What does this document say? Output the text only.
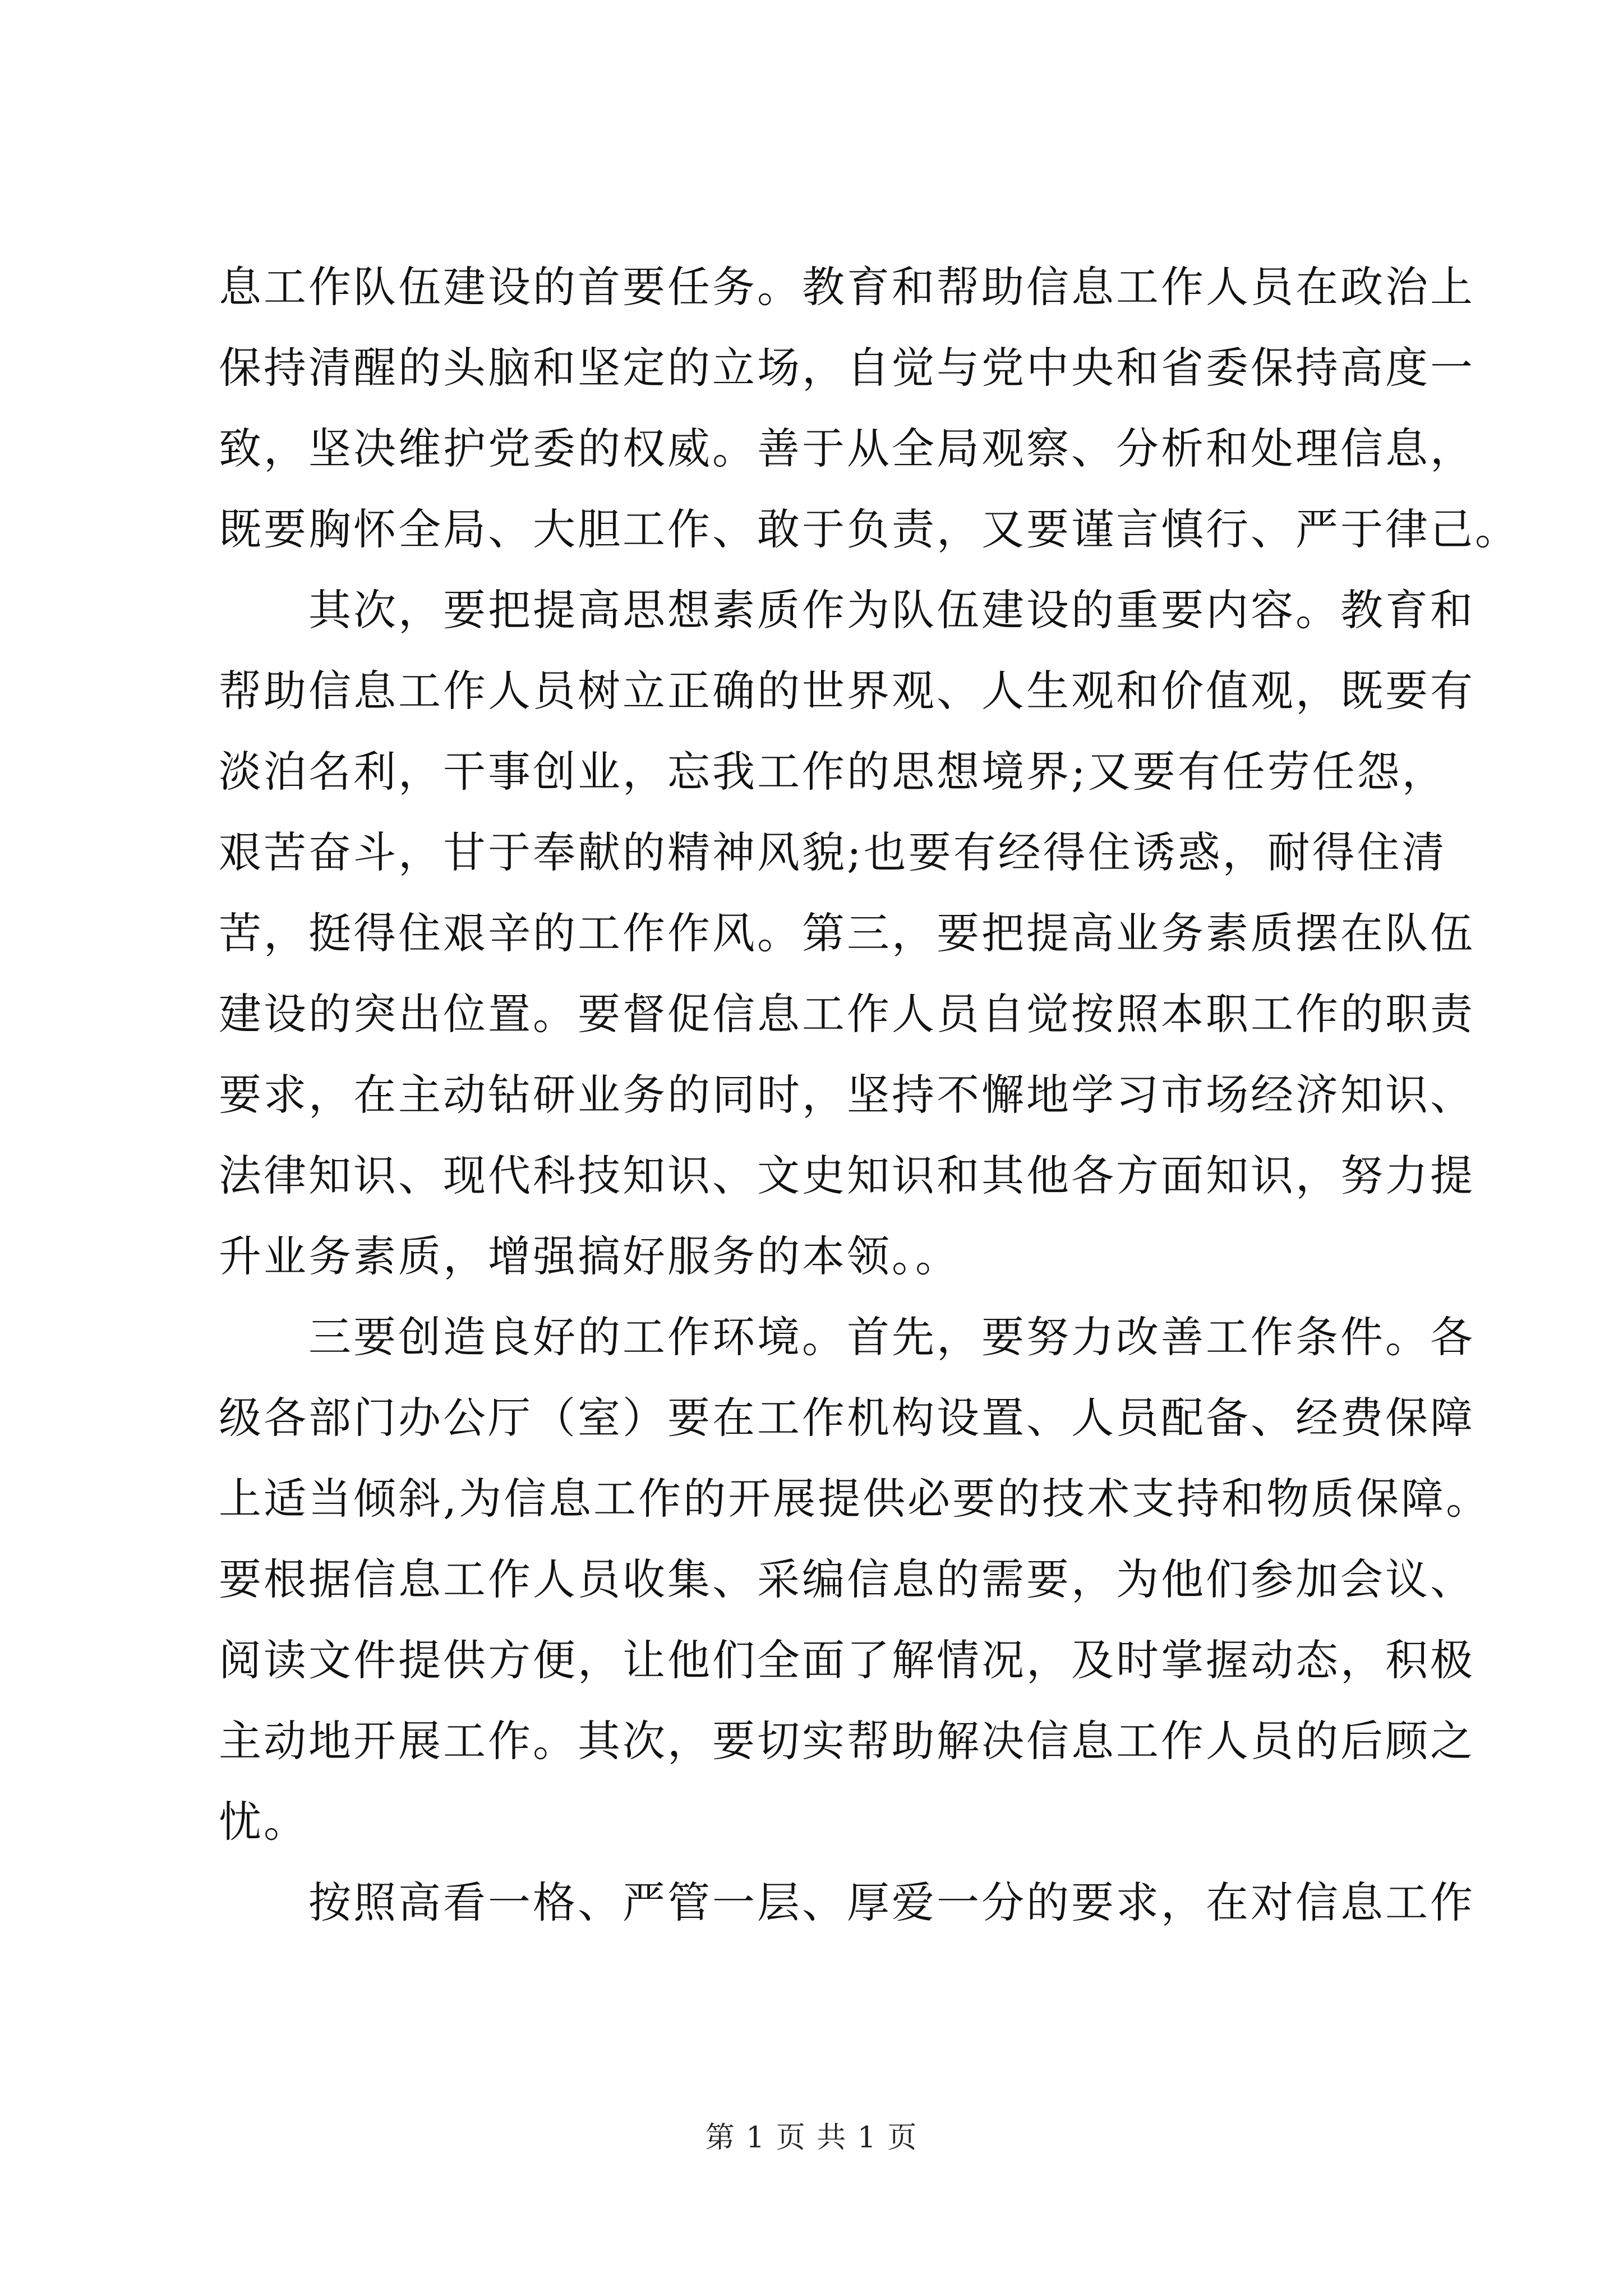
息工作队伍建设的首要任务。教育和帮助信息工作人员在政治上
保持清醒的头脑和坚定的立场，自觉与党中央和省委保持高度一
致，坚决维护党委的权威。善于从全局观察、分析和处理信息，
既要胸怀全局、大胆工作、敢于负责，又要谨言慎行、严于律己。
其次，要把提高思想素质作为队伍建设的重要内容。教育和
帮助信息工作人员树立正确的世界观、人生观和价值观，既要有
淡泊名利，干事创业，忘我工作的思想境界;又要有任劳任怨，
艰苦奋斗，甘于奉献的精神风貌;也要有经得住诱惑，耐得住清
苦，挺得住艰辛的工作作风。第三，要把提高业务素质摆在队伍
建设的突出位置。要督促信息工作人员自觉按照本职工作的职责
要求，在主动钻研业务的同时，坚持不懈地学习市场经济知识、
法律知识、现代科技知识、文史知识和其他各方面知识，努力提
升业务素质，增强搞好服务的本领。。
三要创造良好的工作环境。首先，要努力改善工作条件。各
级各部门办公厅（室）要在工作机构设置、人员配备、经费保障
上适当倾斜,为信息工作的开展提供必要的技术支持和物质保障。
要根据信息工作人员收集、采编信息的需要，为他们参加会议、
阅读文件提供方便，让他们全面了解情况，及时掌握动态，积极
主动地开展工作。其次，要切实帮助解决信息工作人员的后顾之
忧。
按照高看一格、严管一层、厚爱一分的要求，在对信息工作
第 1 页 共 1 页
